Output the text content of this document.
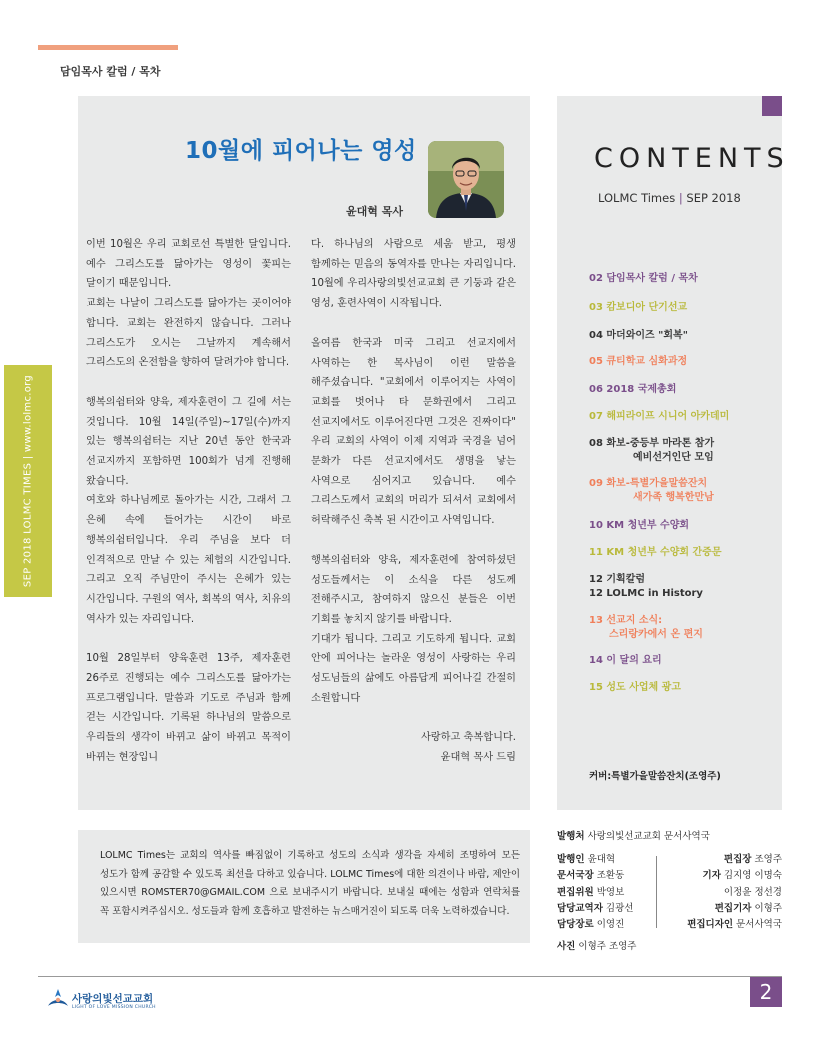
담임목사 칼럼 / 목차
SEP 2018 LOLMC TIMES | www.lolmc.org
10월에 피어나는 영성
윤대혁 목사

이번 10월은 우리 교회로선 특별한 달입니다. 예수 그리스도를 닮아가는 영성이 꽃피는 달이기 때문입니다.

교회는 나날이 그리스도를 닮아가는 곳이어야 합니다. 교회는 완전하지 않습니다. 그러나 그리스도가 오시는 그날까지 계속해서 그리스도의 온전함을 향하여 달려가야 합니다.

행복의쉼터와 양육, 제자훈련이 그 길에 서는 것입니다. 10월 14일(주일)~17일(수)까지 있는 행복의쉼터는 지난 20년 동안 한국과 선교지까지 포함하면 100회가 넘게 진행해 왔습니다.

여호와 하나님께로 돌아가는 시간, 그래서 그 은혜 속에 들어가는 시간이 바로 행복의쉼터입니다. 우리 주님을 보다 더 인격적으로 만날 수 있는 체험의 시간입니다. 그리고 오직 주님만이 주시는 은혜가 있는 시간입니다. 구원의 역사, 회복의 역사, 치유의 역사가 있는 자리입니다.

10월 28일부터 양육훈련 13주, 제자훈련 26주로 진행되는 예수 그리스도를 닮아가는 프로그램입니다. 말씀과 기도로 주님과 함께 걷는 시간입니다. 기록된 하나님의 말씀으로 우리들의 생각이 바뀌고 삶이 바뀌고 목적이 바뀌는 현장입니

다. 하나님의 사람으로 세움 받고, 평생 함께하는 믿음의 동역자를 만나는 자리입니다. 10월에 우리사랑의빛선교교회 큰 기둥과 같은 영성, 훈련사역이 시작됩니다.

올여름 한국과 미국 그리고 선교지에서 사역하는 한 목사님이 이런 말씀을 해주셨습니다. "교회에서 이루어지는 사역이 교회를 벗어나 타 문화권에서 그리고 선교지에서도 이루어진다면 그것은 진짜이다" 우리 교회의 사역이 이제 지역과 국경을 넘어 문화가 다른 선교지에서도 생명을 낳는 사역으로 심어지고 있습니다. 예수 그리스도께서 교회의 머리가 되셔서 교회에서 허락해주신 축복 된 시간이고 사역입니다.

행복의쉼터와 양육, 제자훈련에 참여하셨던 성도들께서는 이 소식을 다른 성도께 전해주시고, 참여하지 않으신 분들은 이번 기회를 놓치지 않기를 바랍니다.

기대가 됩니다. 그리고 기도하게 됩니다. 교회 안에 피어나는 놀라운 영성이 사랑하는 우리 성도님들의 삶에도 아름답게 피어나길 간절히 소원합니다

사랑하고 축복합니다.

윤대혁 목사 드림

CONTENTS
LOLMC Times | SEP 2018
02 담임목사 칼럼 / 목차
03 캄보디아 단기선교
04 마더와이즈 "회복"
05 큐티학교 심화과정
06 2018 국제총회
07 해피라이프 시니어 아카데미
08 화보-중등부 마라톤 참가
예비선거인단 모임
09 화보-특별가을말씀잔치
새가족 행복한만남
10 KM 청년부 수양회
11 KM 청년부 수양회 간증문
12 기획칼럼
12 LOLMC in History
13 선교지 소식:
스리랑카에서 온 편지
14 이 달의 요리
15 성도 사업체 광고
커버:특별가을말씀잔치(조영주)
LOLMC Times는 교회의 역사를 빠짐없이 기록하고 성도의 소식과 생각을 자세히 조명하여 모든 성도가 함께 공감할 수 있도록 최선을 다하고 있습니다. LOLMC Times에 대한 의견이나 바람, 제안이 있으시면 ROMSTER70@GMAIL.COM 으로 보내주시기 바랍니다. 보내실 때에는 성함과 연락처를 꼭 포함시켜주십시오. 성도들과 함께 호흡하고 발전하는 뉴스매거진이 되도록 더욱 노력하겠습니다.
발행처 사랑의빛선교교회 문서사역국
발행인 윤대혁
문서국장 조환동
편집위원 박영보
담당교역자 김광선
담당장로 이영진
편집장 조영주
기자 김지영 이명숙
이정윤 정선경
편집기자 이형주
편집디자인 문서사역국
사진 이형주 조영주
사랑의빛선교교회
LIGHT OF LOVE MISSION CHURCH
2
